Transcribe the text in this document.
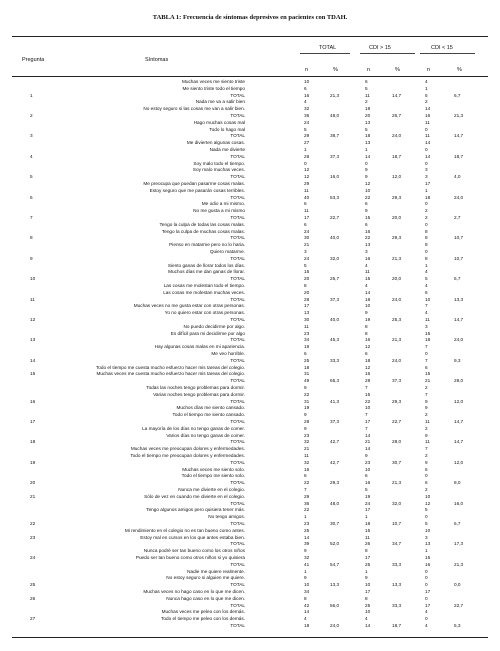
TABLA 1: Frecuencia de síntomas depresivos en pacientes con TDAH.
TOTAL	CDI > 15	CDI < 15
Pregunta	Síntomas
n	%	n	%	n	%
Muchas veces me siento triste	10	6	4
Me siento triste todo el tiempo	6	5	1
1	TOTAL	16	21,3	11	14,7	5	6,7
Nada me va a salir bien	4	2	2
No estoy seguro si las cosas me van a salir bien.	32	18	14
2	TOTAL	36	48,0	20	26,7	16	21,3
Hago muchas cosas mal	24	13	11
Todo lo hago mal	5	5	0
3	TOTAL	29	38,7	18	24,0	11	14,7
Me divierten algunas cosas.	27	13	14
Nada me divierte	1	1	0
4	TOTAL	28	37,3	14	18,7	14	18,7
Soy malo todo el tiempo.	0	0	0
Soy malo muchas veces.	12	9	3
5	TOTAL	12	16,0	9	12,0	3	4,0
Me preocupa que puedan pasarme cosas malas.	29	12	17
Estoy seguro que me pasarán cosas terribles.	11	10	1
6	TOTAL	40	53,3	22	29,3	18	24,0
Me odio a mi mismo.	6	6	0
No me gusta a mi mismo	11	9	2
7	TOTAL	17	22,7	15	20,0	2	2,7
Tengo la culpa de todas las cosas malas.	6	6	0
Tengo la culpa de muchas cosas malas.	24	16	8
8	TOTAL	30	40,0	22	29,3	8	10,7
Pienso en matarme pero no lo haria.	21	13	8
Quiero matarme.	3	3	0
9	TOTAL	24	32,0	16	21,3	8	10,7
Siento ganas de llorar todos los días.	5	4	1
Muchos días me dan ganas de llorar.	15	11	4
10	TOTAL	20	26,7	15	20,0	5	6,7
Las cosas me molestan todo el tiempo.	8	4	4
Las cosas me molestan muchas veces.	20	14	6
11	TOTAL	28	37,3	18	24,0	10	13,3
Muchas veces no me gusta estar con otras personas.	17	10	7
Yo no quiero estar con otras personas.	13	9	4
12	TOTAL	30	40,0	19	25,3	11	14,7
No puedo decidirme por algo.	11	8	3
Es difícil para mi decidirme por algo	23	8	15
13	TOTAL	34	45,3	16	21,3	18	24,0
Hay algunas cosas malas en mi apariencia.	19	12	7
Me veo horrible.	6	6	0
14	TOTAL	25	33,3	18	24,0	7	9,3
Todo el tiempo me cuesta mucho esfuerzo hacer mis tareas del colegio.	18	12	6
15	Muchas veces me cuesta mucho esfuerzo hacer mis tareas del colegio.	31	16	15
TOTAL	49	65,3	28	37,3	21	28,0
Todas las noches tengo problemas para dormir.	9	7	2
Varias noches tengo problemas para dormir.	22	15	7
16	TOTAL	31	41,3	22	29,3	9	12,0
Muchos días me siento cansado.	19	10	9
Todo el tiempo me siento cansado.	9	7	2
17	TOTAL	28	37,3	17	22,7	11	14,7
La mayoría de los días no tengo ganas de comer.	9	7	2
Varios días no tengo ganas de comer.	23	14	9
18	TOTAL	32	42,7	21	28,0	11	14,7
Muchas veces me preocupan dolores y enfermedades.	21	14	7
Todo el tiempo me preocupan dolores y enfermedades.	11	9	2
19	TOTAL	32	42,7	23	30,7	9	12,0
Muchas veces me siento solo.	16	10	6
Todo el tiempo me siento solo.	6	6	0
20	TOTAL	22	29,3	16	21,3	6	8,0
Nunca me divierte en el colegio.	7	5	2
21	Sólo de vez en cuando me divierte en el colegio.	29	19	10
TOTAL	36	48,0	24	32,0	12	16,0
Tengo algunos amigos pero quisiera tener más.	22	17	5
No tengo amigos.	1	1	0
22	TOTAL	23	30,7	18	10,7	5	6,7
Mi rendimiento en el colegio no es tan bueno como antes.	25	15	10
23	Estoy mal en cursos en los que antes estaba bien.	14	11	3
TOTAL	39	52,0	26	34,7	13	17,3
Nunca podré ser tan bueno como los otros niños	9	8	1
24	Puedo ser tan bueno como otros niños si yo quisiera	32	17	15
TOTAL	41	54,7	25	33,3	16	21,3
Nadie me quiere realmente.	1	1	0
No estoy seguro si alguien me quiere.	9	9	0
25	TOTAL	10	13,3	10	13,3	0	0,0
Muchas veces no hago caso en lo que me dicen.	34	17	17
26	Nunca hago caso en lo que me dicen.	8	8	0
TOTAL	42	56,0	25	33,3	17	22,7
Muchas veces me peleo con los demás.	14	10	4
27	Todo el tiempo me peleo con los demás.	4	4	0
TOTAL	18	24,0	14	18,7	4	5,3
